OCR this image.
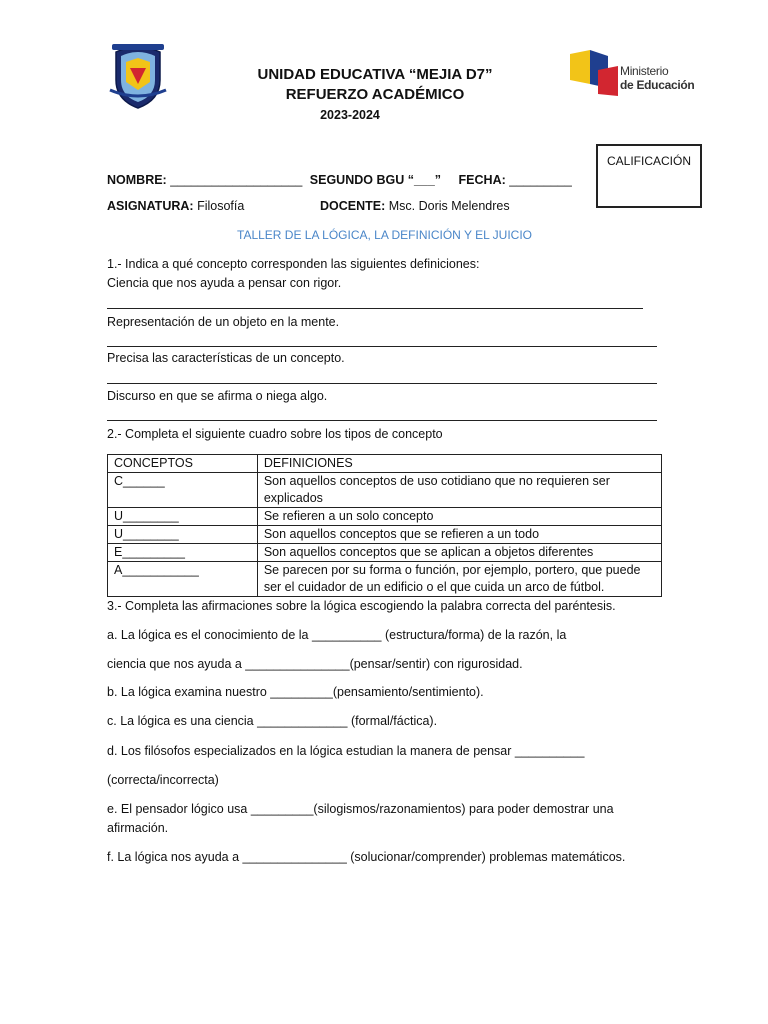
Ministerio
de Educación
UNIDAD EDUCATIVA “MEJIA D7”
REFUERZO ACADÉMICO
2023-2024
CALIFICACIÓN
NOMBRE: ___________________ SEGUNDO BGU “___” FECHA: _________
ASIGNATURA: Filosofía	DOCENTE: Msc. Doris Melendres
TALLER DE LA LÓGICA, LA DEFINICIÓN Y EL JUICIO
1.- Indica a qué concepto corresponden las siguientes definiciones:
Ciencia que nos ayuda a pensar con rigor.
Representación de un objeto en la mente.
Precisa las características de un concepto.
Discurso en que se afirma o niega algo.
2.- Completa el siguiente cuadro sobre los tipos de concepto
CONCEPTOS	DEFINICIONES
C______	Son aquellos conceptos de uso cotidiano que no requieren ser explicados
U________	Se refieren a un solo concepto
U________	Son aquellos conceptos que se refieren a un todo
E_________	Son aquellos conceptos que se aplican a objetos diferentes
A___________	Se parecen por su forma o función, por ejemplo, portero, que puede ser el cuidador de un edificio o el que cuida un arco de fútbol.
3.- Completa las afirmaciones sobre la lógica escogiendo la palabra correcta del paréntesis.
a. La lógica es el conocimiento de la __________ (estructura/forma) de la razón, la
ciencia que nos ayuda a _______________(pensar/sentir) con rigurosidad.
b. La lógica examina nuestro _________(pensamiento/sentimiento).
c. La lógica es una ciencia _____________ (formal/fáctica).
d. Los filósofos especializados en la lógica estudian la manera de pensar __________
(correcta/incorrecta)
e. El pensador lógico usa _________(silogismos/razonamientos) para poder demostrar una
afirmación.
f. La lógica nos ayuda a _______________ (solucionar/comprender) problemas matemáticos.
